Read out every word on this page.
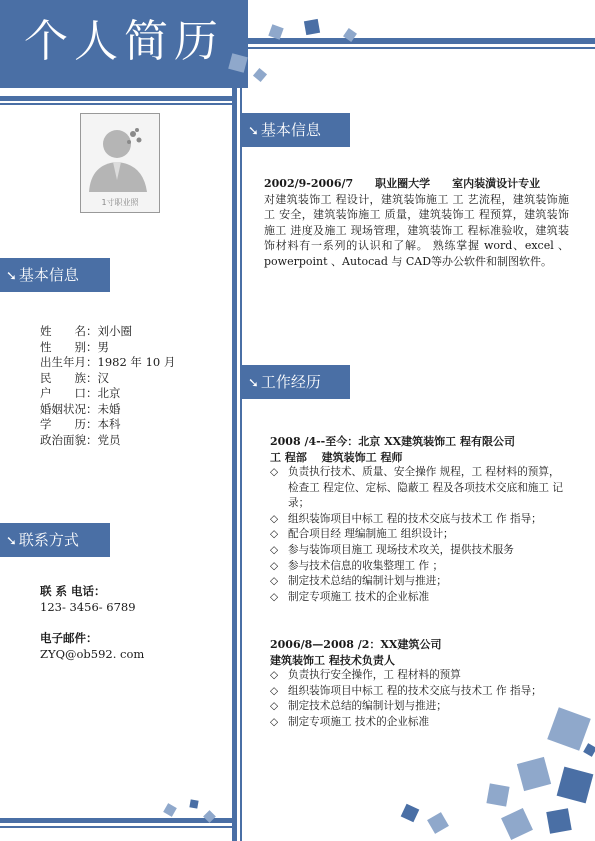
个人简历
1寸职业照
➘ 基本信息
姓　　名：刘小圈
性　　别：男
出生年月：1982 年 10 月
民　　族：汉
户　　口：北京
婚姻状况：未婚
学　　历：本科
政治面貌：党员
➘ 联系方式
联 系 电话：
123- 3456- 6789
电子邮件：
ZYQ@ob592. com
➘ 基本信息
2002/9-2006/7　　职业圈大学　　室内装潢设计专业
对建筑装饰工 程设计，建筑装饰施工 工 艺流程，建筑装饰施工 安全，建筑装饰施工 质量，建筑装饰工 程预算，建筑装饰施工 进度及施工 现场管理，建筑装饰工 程标准验收，建筑装饰材料有一系列的认识和了解。 熟练掌握 word、excel 、powerpoint 、Autocad 与 CAD等办公软件和制图软件。
➘ 工作经历
2008 /4--至今：北京 XX建筑装饰工 程有限公司
工 程部　 建筑装饰工 程师
◇ 负责执行技术、质量、安全操作 规程，工 程材料的预算，检查工 程定位、定标、隐蔽工 程及各项技术交底和施工 记录；
◇ 组织装饰项目中标工 程的技术交底与技术工 作 指导；
◇ 配合项目经 理编制施工 组织设计；
◇ 参与装饰项目施工 现场技术攻关，提供技术服务
◇ 参与技术信息的收集整理工 作 ；
◇ 制定技术总结的编制计划与推进；
◇ 制定专项施工 技术的企业标准
2006/8—2008 /2：XX建筑公司
建筑装饰工 程技术负责人
◇ 负责执行安全操作，工 程材料的预算
◇ 组织装饰项目中标工 程的技术交底与技术工 作 指导；
◇ 制定技术总结的编制计划与推进；
◇ 制定专项施工 技术的企业标准
